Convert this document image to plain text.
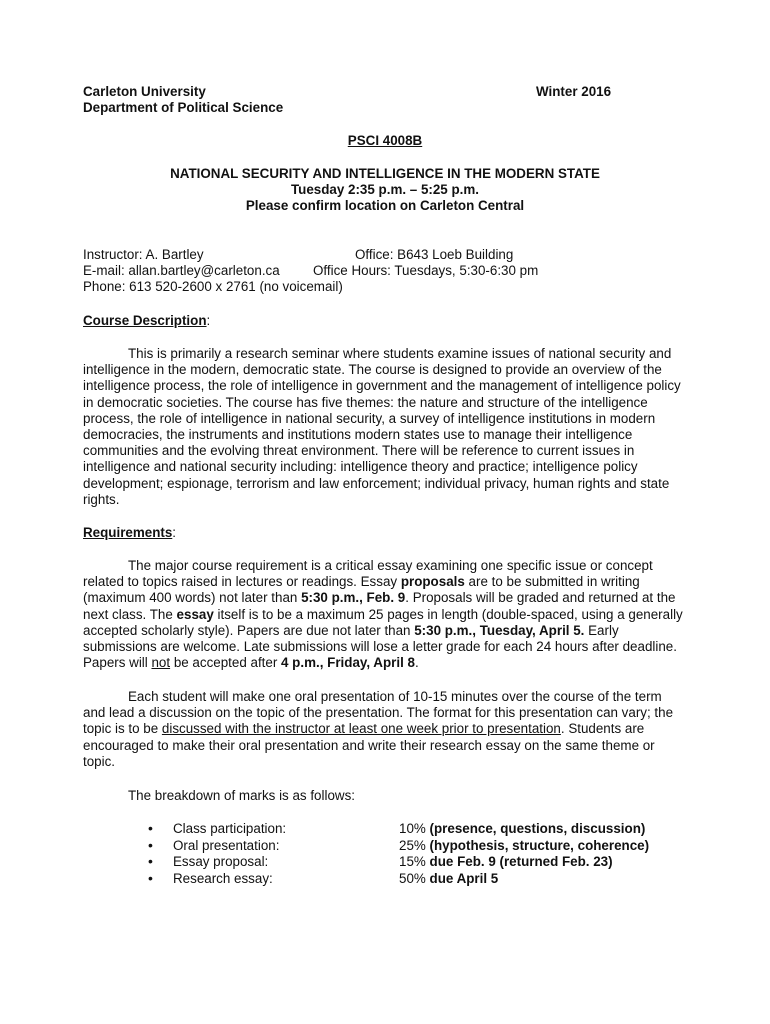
Carleton University	Winter 2016
Department of Political Science
PSCI 4008B
NATIONAL SECURITY AND INTELLIGENCE IN THE MODERN STATE
Tuesday 2:35 p.m. – 5:25 p.m.
Please confirm location on Carleton Central
Instructor: A. Bartley	Office: B643 Loeb Building
E-mail: allan.bartley@carleton.ca Office Hours: Tuesdays, 5:30-6:30 pm
Phone: 613 520-2600 x 2761 (no voicemail)
Course Description:
This is primarily a research seminar where students examine issues of national security and intelligence in the modern, democratic state. The course is designed to provide an overview of the intelligence process, the role of intelligence in government and the management of intelligence policy in democratic societies. The course has five themes: the nature and structure of the intelligence process, the role of intelligence in national security, a survey of intelligence institutions in modern democracies, the instruments and institutions modern states use to manage their intelligence communities and the evolving threat environment. There will be reference to current issues in intelligence and national security including: intelligence theory and practice; intelligence policy development; espionage, terrorism and law enforcement; individual privacy, human rights and state rights.
Requirements:
The major course requirement is a critical essay examining one specific issue or concept related to topics raised in lectures or readings. Essay proposals are to be submitted in writing (maximum 400 words) not later than 5:30 p.m., Feb. 9. Proposals will be graded and returned at the next class. The essay itself is to be a maximum 25 pages in length (double-spaced, using a generally accepted scholarly style). Papers are due not later than 5:30 p.m., Tuesday, April 5. Early submissions are welcome. Late submissions will lose a letter grade for each 24 hours after deadline. Papers will not be accepted after 4 p.m., Friday, April 8.
Each student will make one oral presentation of 10-15 minutes over the course of the term and lead a discussion on the topic of the presentation. The format for this presentation can vary; the topic is to be discussed with the instructor at least one week prior to presentation. Students are encouraged to make their oral presentation and write their research essay on the same theme or topic.
The breakdown of marks is as follows:
• Class participation:	10% (presence, questions, discussion)
• Oral presentation:	25% (hypothesis, structure, coherence)
• Essay proposal:	15% due Feb. 9 (returned Feb. 23)
• Research essay:	50% due April 5
